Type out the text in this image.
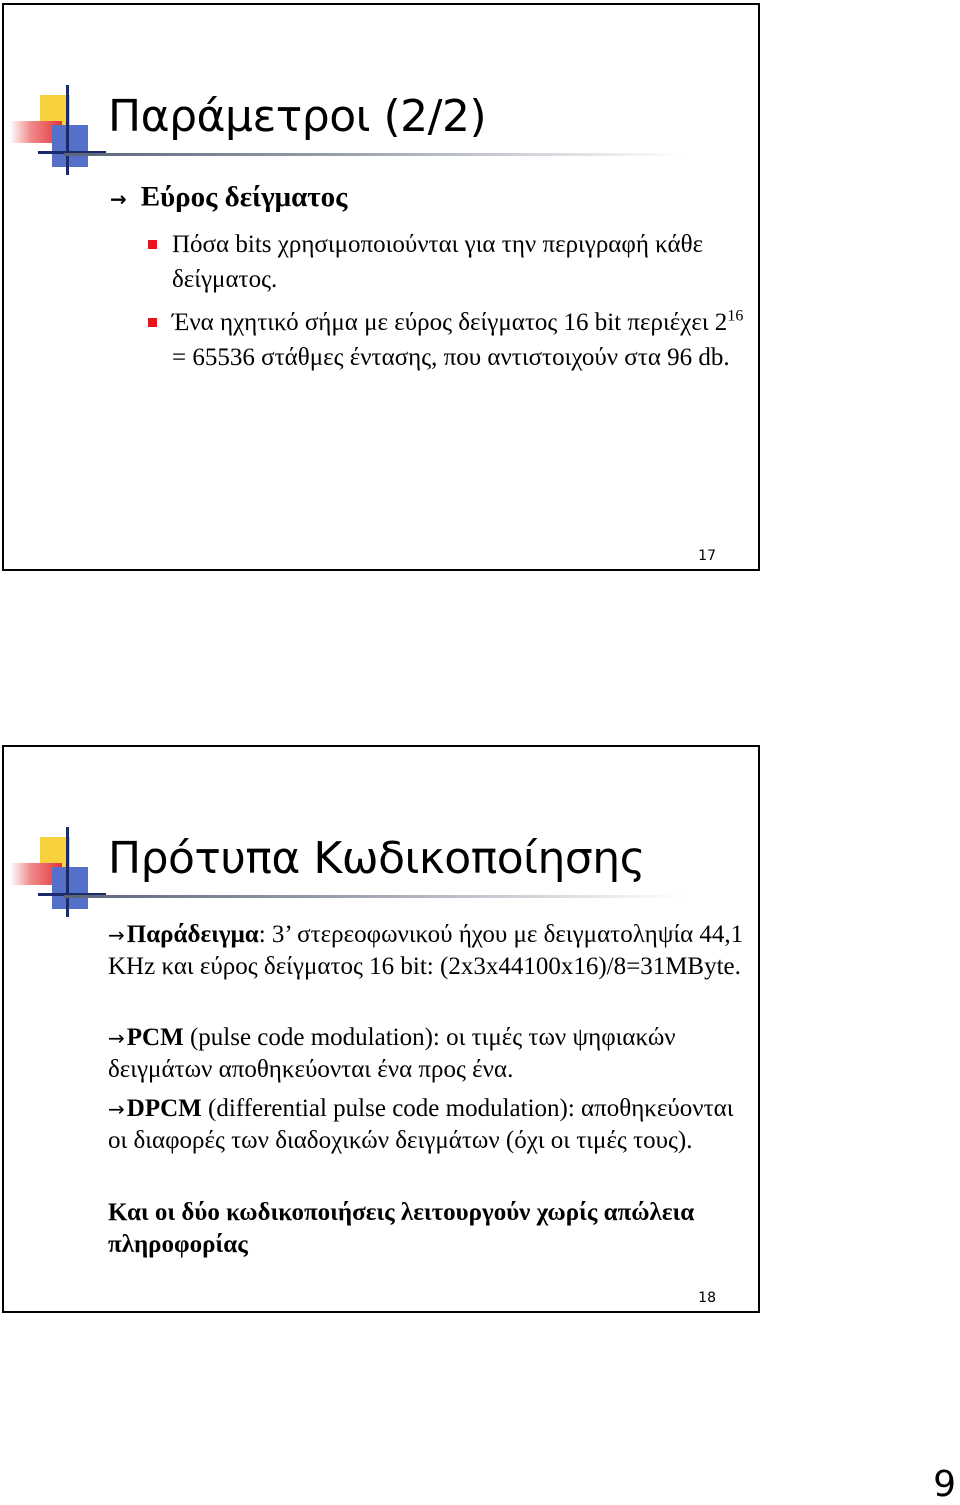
Παράμετροι (2/2)
→ Εύρος δείγματος
Πόσα bits χρησιμοποιούνται για την περιγραφή κάθε δείγματος.
Ένα ηχητικό σήμα με εύρος δείγματος 16 bit περιέχει $2^{16} = 65536$ στάθμες έντασης, που αντιστοιχούν στα 96 db.
17
Πρότυπα Κωδικοποίησης
→Παράδειγμα: 3’ στερεοφωνικού ήχου με δειγματοληψία 44,1 KHz και εύρος δείγματος 16 bit: (2x3x44100x16)/8=31MByte.
→PCM (pulse code modulation): οι τιμές των ψηφιακών δειγμάτων αποθηκεύονται ένα προς ένα.
→DPCM (differential pulse code modulation): αποθηκεύονται οι διαφορές των διαδοχικών δειγμάτων (όχι οι τιμές τους).
Και οι δύο κωδικοποιήσεις λειτουργούν χωρίς απώλεια πληροφορίας
18
9
